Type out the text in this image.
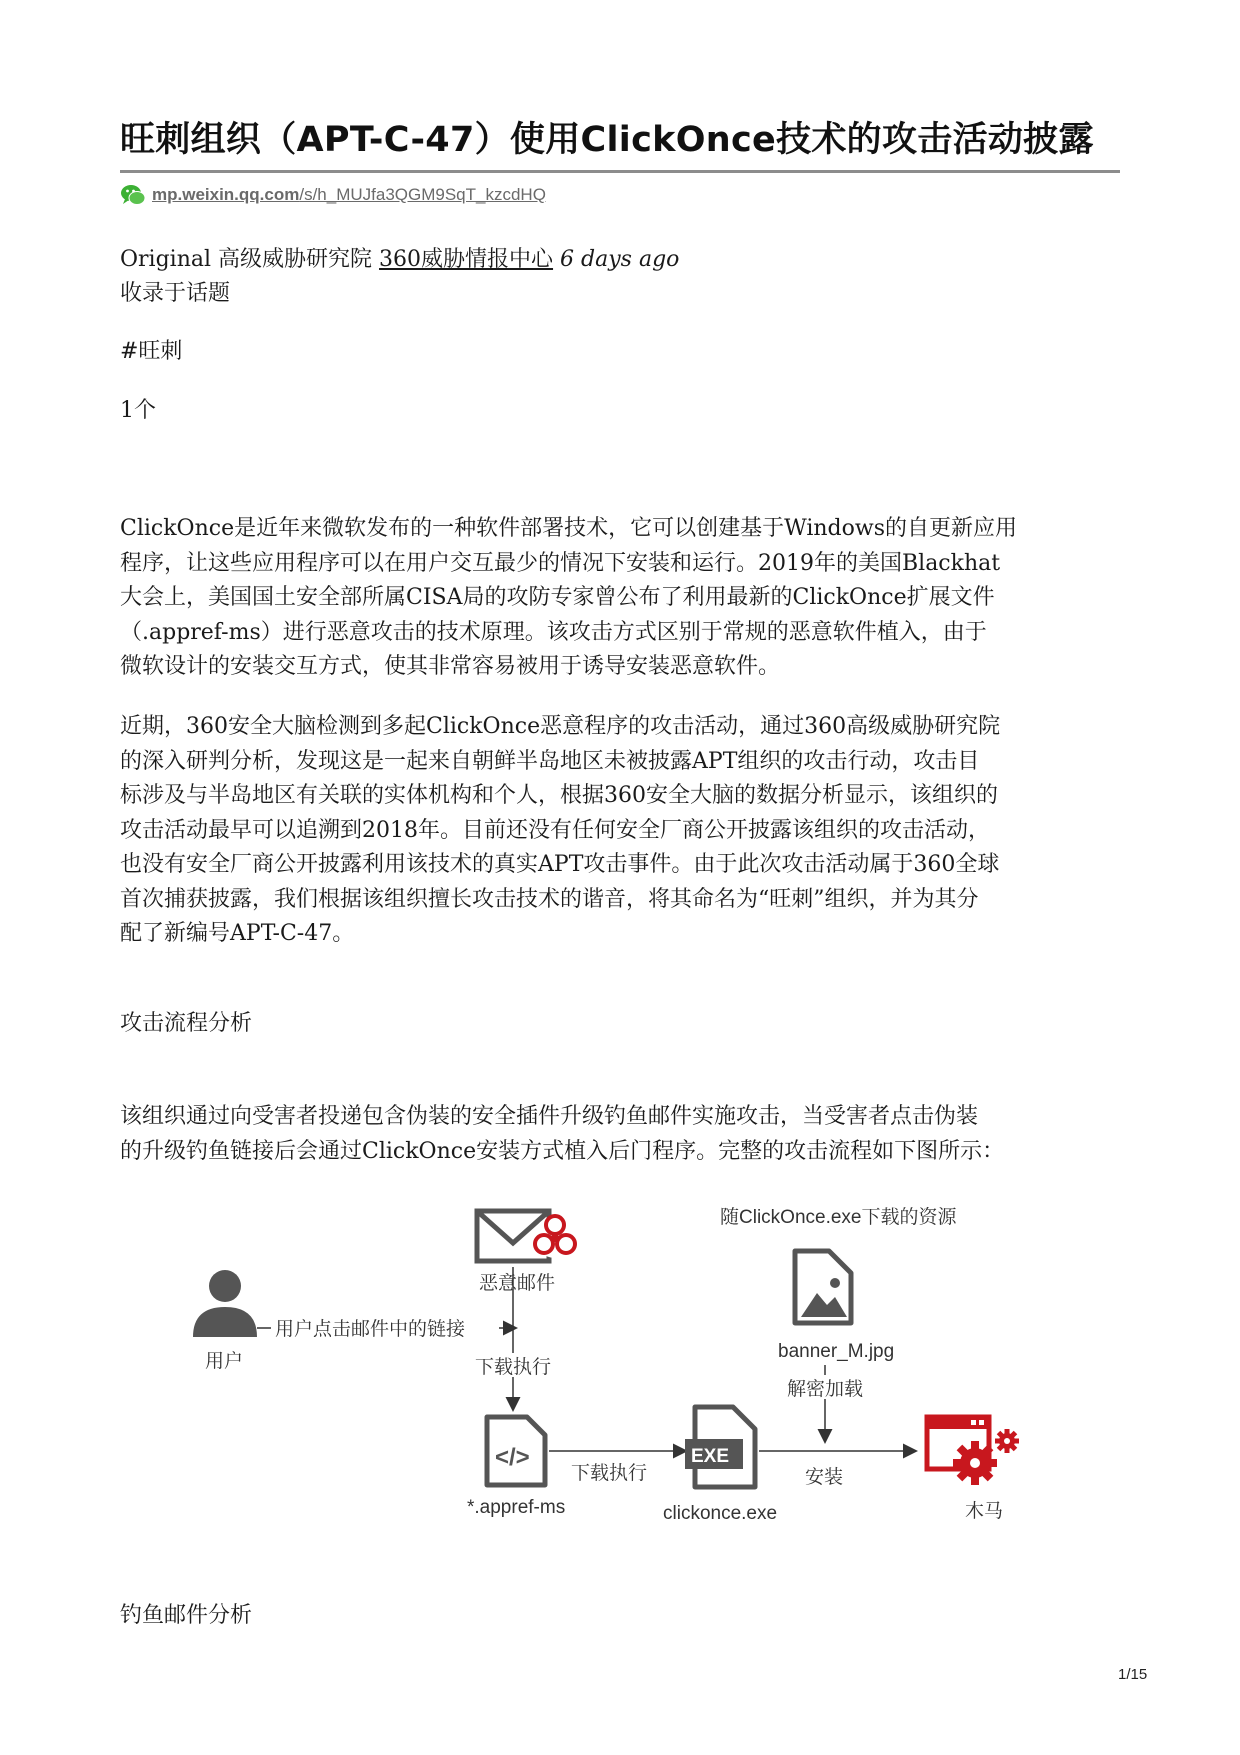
旺刺组织（APT-C-47）使用ClickOnce技术的攻击活动披露
mp.weixin.qq.com/s/h_MUJfa3QGM9SqT_kzcdHQ
Original 高级威胁研究院 360威胁情报中心 6 days ago
收录于话题
#旺刺
1个
ClickOnce是近年来微软发布的一种软件部署技术，它可以创建基于Windows的自更新应用
程序，让这些应用程序可以在用户交互最少的情况下安装和运行。2019年的美国Blackhat
大会上，美国国土安全部所属CISA局的攻防专家曾公布了利用最新的ClickOnce扩展文件
（.appref-ms）进行恶意攻击的技术原理。该攻击方式区别于常规的恶意软件植入，由于
微软设计的安装交互方式，使其非常容易被用于诱导安装恶意软件。
近期，360安全大脑检测到多起ClickOnce恶意程序的攻击活动，通过360高级威胁研究院
的深入研判分析，发现这是一起来自朝鲜半岛地区未被披露APT组织的攻击行动，攻击目
标涉及与半岛地区有关联的实体机构和个人，根据360安全大脑的数据分析显示，该组织的
攻击活动最早可以追溯到2018年。目前还没有任何安全厂商公开披露该组织的攻击活动，
也没有安全厂商公开披露利用该技术的真实APT攻击事件。由于此次攻击活动属于360全球
首次捕获披露，我们根据该组织擅长攻击技术的谐音，将其命名为“旺刺”组织，并为其分
配了新编号APT-C-47。
攻击流程分析
该组织通过向受害者投递包含伪装的安全插件升级钓鱼邮件实施攻击，当受害者点击伪装
的升级钓鱼链接后会通过ClickOnce安装方式植入后门程序。完整的攻击流程如下图所示：
恶意邮件
用户
用户点击邮件中的链接
下载执行
</>
*.appref-ms
下载执行
EXE
clickonce.exe
随ClickOnce.exe下载的资源
banner_M.jpg
解密加载
安装
木马
钓鱼邮件分析
1/15
